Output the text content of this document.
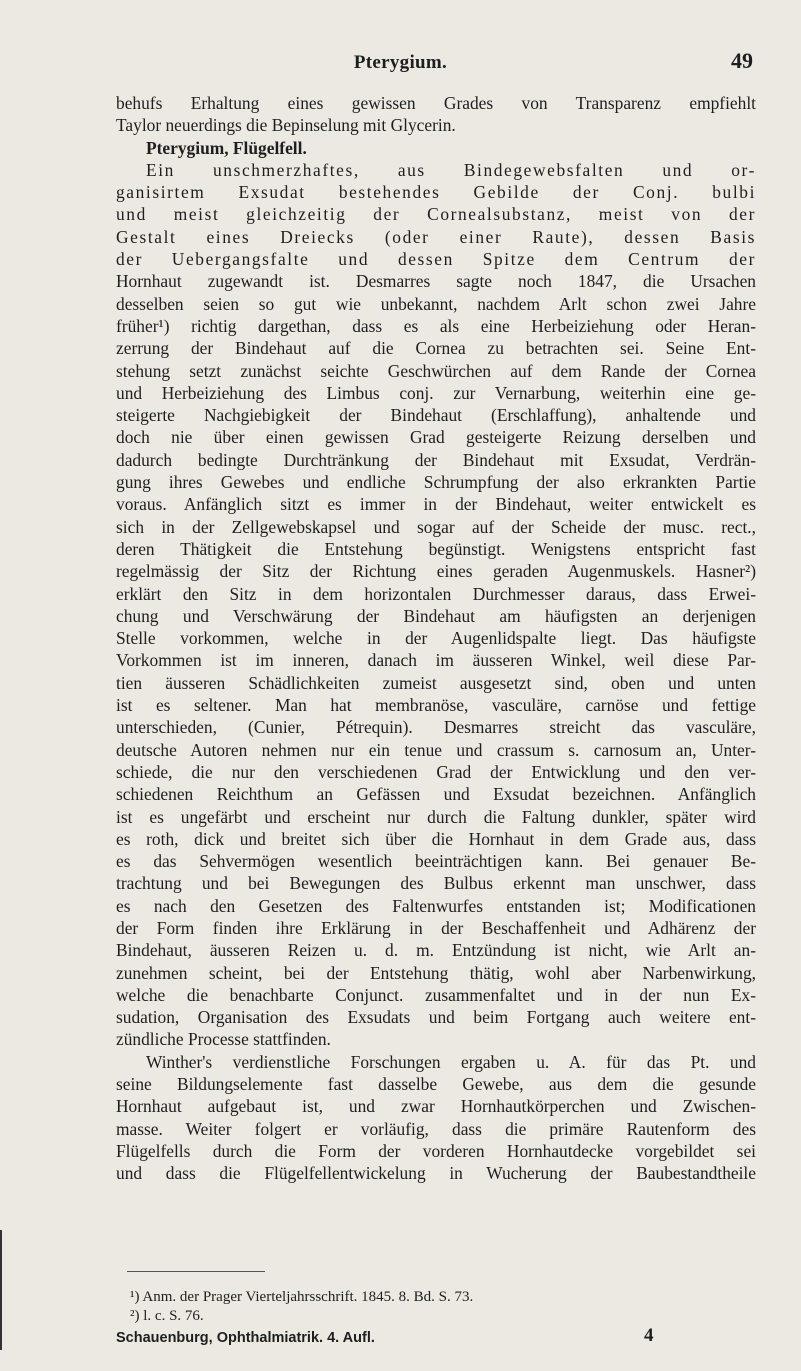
Pterygium.	49
behufs Erhaltung eines gewissen Grades von Transparenz empfiehlt
Taylor neuerdings die Bepinselung mit Glycerin.
Pterygium, Flügelfell.
Ein unschmerzhaftes, aus Bindegewebsfalten und or-
ganisirtem Exsudat bestehendes Gebilde der Conj. bulbi
und meist gleichzeitig der Cornealsubstanz, meist von der
Gestalt eines Dreiecks (oder einer Raute), dessen Basis
der Uebergangsfalte und dessen Spitze dem Centrum der
Hornhaut zugewandt ist. Desmarres sagte noch 1847, die Ursachen
desselben seien so gut wie unbekannt, nachdem Arlt schon zwei Jahre
früher¹) richtig dargethan, dass es als eine Herbeiziehung oder Heran-
zerrung der Bindehaut auf die Cornea zu betrachten sei. Seine Ent-
stehung setzt zunächst seichte Geschwürchen auf dem Rande der Cornea
und Herbeiziehung des Limbus conj. zur Vernarbung, weiterhin eine ge-
steigerte Nachgiebigkeit der Bindehaut (Erschlaffung), anhaltende und
doch nie über einen gewissen Grad gesteigerte Reizung derselben und
dadurch bedingte Durchtränkung der Bindehaut mit Exsudat, Verdrän-
gung ihres Gewebes und endliche Schrumpfung der also erkrankten Partie
voraus. Anfänglich sitzt es immer in der Bindehaut, weiter entwickelt es
sich in der Zellgewebskapsel und sogar auf der Scheide der musc. rect.,
deren Thätigkeit die Entstehung begünstigt. Wenigstens entspricht fast
regelmässig der Sitz der Richtung eines geraden Augenmuskels. Hasner²)
erklärt den Sitz in dem horizontalen Durchmesser daraus, dass Erwei-
chung und Verschwärung der Bindehaut am häufigsten an derjenigen
Stelle vorkommen, welche in der Augenlidspalte liegt. Das häufigste
Vorkommen ist im inneren, danach im äusseren Winkel, weil diese Par-
tien äusseren Schädlichkeiten zumeist ausgesetzt sind, oben und unten
ist es seltener. Man hat membranöse, vasculäre, carnöse und fettige
unterschieden, (Cunier, Pétrequin). Desmarres streicht das vasculäre,
deutsche Autoren nehmen nur ein tenue und crassum s. carnosum an, Unter-
schiede, die nur den verschiedenen Grad der Entwicklung und den ver-
schiedenen Reichthum an Gefässen und Exsudat bezeichnen. Anfänglich
ist es ungefärbt und erscheint nur durch die Faltung dunkler, später wird
es roth, dick und breitet sich über die Hornhaut in dem Grade aus, dass
es das Sehvermögen wesentlich beeinträchtigen kann. Bei genauer Be-
trachtung und bei Bewegungen des Bulbus erkennt man unschwer, dass
es nach den Gesetzen des Faltenwurfes entstanden ist; Modificationen
der Form finden ihre Erklärung in der Beschaffenheit und Adhärenz der
Bindehaut, äusseren Reizen u. d. m. Entzündung ist nicht, wie Arlt an-
zunehmen scheint, bei der Entstehung thätig, wohl aber Narbenwirkung,
welche die benachbarte Conjunct. zusammenfaltet und in der nun Ex-
sudation, Organisation des Exsudats und beim Fortgang auch weitere ent-
zündliche Processe stattfinden.
Winther's verdienstliche Forschungen ergaben u. A. für das Pt. und
seine Bildungselemente fast dasselbe Gewebe, aus dem die gesunde
Hornhaut aufgebaut ist, und zwar Hornhautkörperchen und Zwischen-
masse. Weiter folgert er vorläufig, dass die primäre Rautenform des
Flügelfells durch die Form der vorderen Hornhautdecke vorgebildet sei
und dass die Flügelfellentwickelung in Wucherung der Baubestandtheile
¹) Anm. der Prager Vierteljahrsschrift. 1845. 8. Bd. S. 73.
²) l. c. S. 76.
Schauenburg, Ophthalmiatrik. 4. Aufl.	4
